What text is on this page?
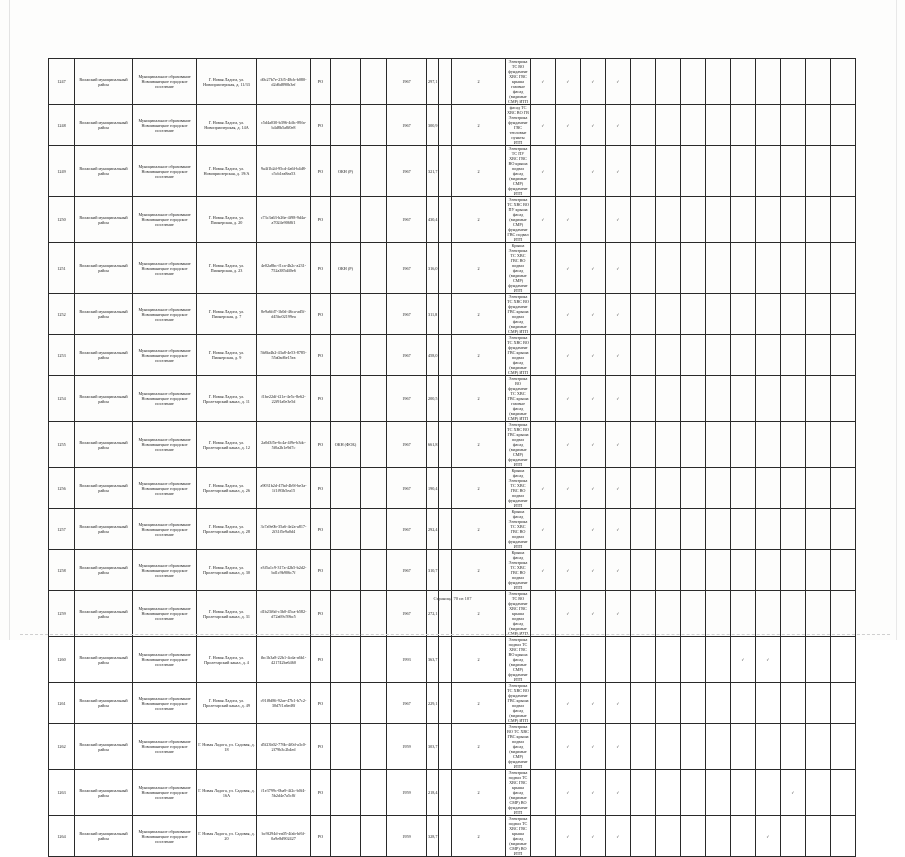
1247	Волжский муниципальный район	Муниципальное образование Новоиванецкое городское поселение	Г. Новая Ладога, ул. Новоприозерская, д. 11/33	d0c27b7e-23f5-48cb-b080-d2d6d890b3ef	РО			1967	297,1		2	Электрика ТС ВО фундамент ХВС ГВС крыша газовые фасад (видимые СМР) ИТП	✓	✓	✓	✓										
1248	Волжский муниципальный район	Муниципальное образование Новоиванецкое городское поселение	Г. Новая Ладога, ул. Новоприозерская, д. 14А	c5d4a030-b396-4dfc-89fa-b4d8b5a8f0e8	РО			1967	300,9		2	фасад ТС ХВС ВО ГВ Электрика фундамент ГВС тепловые пункты ИТП	✓	✓	✓	✓										
1249	Волжский муниципальный район	Муниципальное образование Новоиванецкое городское поселение	Г. Новая Ладога, ул. Новоприозерская, д. 19/А	9a4f1b2d-95cd-4a6f-b4d8-c5cb1ea8ea53	РО	ОКН (Р)		1967	321,7		2	Электрика ТС ПУ ХВС ГВС ВО крыша подвал фасад (видимые СМР) фундамент ИТП	✓		✓	✓										
1250	Волжский муниципальный район	Муниципальное образование Новоиванецкое городское поселение	Г. Новая Ладога, ул. Пионерская, д. 20	c73c3a63-b26e-4f98-9d4a-a7024e9068f1	РО			1967	430,4		2	Электрика ТС ХВС ВО ПУ крыша фасад (видимые СМР) фундамент ГВС подвал ИТП	✓	✓		✓										
1251	Волжский муниципальный район	Муниципальное образование Новоиванецкое городское поселение	Г. Новая Ладога, ул. Пионерская, д. 23	4e02a8bc-f1ca-4b2c-a231-752a385d40e6	РО	ОКН (Р)		1967	316,0		2	Крыша Электрика ТС ХВС ГВС ВО подвал фасад (видимые СМР) фундамент ИТП		✓	✓	✓										
1252	Волжский муниципальный район	Муниципальное образование Новоиванецкое городское поселение	Г. Новая Ладога, ул. Пионерская, д. 7	8e9a6fd7-1b0d-46ca-ad5f-d45bc02199ea	РО			1967	311,8		2	Электрика ТС ХВС ВО фундамент ГВС крыша подвал фасад (видимые СМР) ИТП		✓	✓	✓										
1253	Волжский муниципальный район	Муниципальное образование Новоиванецкое городское поселение	Г. Новая Ладога, ул. Пионерская, д. 9	5b8fa4b2-43a8-4e53-8785-55a0ad6e15ea	РО			1967	458,0		2	Электрика ТС ХВС ВО фундамент ГВС крыша подвал фасад (видимые СМР) ИТП		✓	✓	✓										
1254	Волжский муниципальный район	Муниципальное образование Новоиванецкое городское поселение	Г. Новая Ладога, ул. Пролетарский канал, д. 11	f1be22df-f21e-4e5c-8e62-22f91a0e3e5d	РО			1967	200,5		2	Электрика ВО фундамент ТС ХВС ГВС крыша газовые фасад (видимые СМР) ИТП		✓	✓	✓										
1255	Волжский муниципальный район	Муниципальное образование Новоиванецкое городское поселение	Г. Новая Ладога, ул. Пролетарский канал, д. 12	2a0d3f5e-6c4a-4f9e-b3dc-5f0a2b1e9d7c	РО	ОКН (ФОБ)		1967	661,8		2	Электрика ТС ХВС ВО ГВС крыша подвал фасад (видимые СМР) фундамент ИТП		✓	✓	✓										
1256	Волжский муниципальный район	Муниципальное образование Новоиванецкое городское поселение	Г. Новая Ладога, ул. Пролетарский канал, д. 26	a9031b2d-47bd-4b9f-be3a-1f1f93b5ea15	РО			1967	190,4		2	Крыша фасад Электрика ТС ХВС ГВС ВО подвал фундамент ИТП	✓	✓	✓	✓										
1257	Волжский муниципальный район	Муниципальное образование Новоиванецкое городское поселение	Г. Новая Ладога, ул. Пролетарский канал, д. 28	3c7a9e0b-35a6-4e2a-a817-2f31f5e9a0d4	РО			1967	292,4		2	Крыша фасад Электрика ТС ХВС ГВС ВО подвал фундамент ИТП	✓		✓	✓										
1258	Волжский муниципальный район	Муниципальное образование Новоиванецкое городское поселение	Г. Новая Ладога, ул. Пролетарский канал, д. 30	e3f5a1c9-317a-42b5-b2d2-bd1c9b906c7f	РО			1967	310,7		2	Крыша фасад Электрика ТС ХВС ГВС ВО подвал фундамент ИТП	✓	✓	✓	✓										
1259	Волжский муниципальный район	Муниципальное образование Новоиванецкое городское поселение	Г. Новая Ладога, ул. Пролетарский канал, д. 31	d1b23f6d-c3b0-45ca-b582-d72a69c59bc5	РО			1967	272,1		2	Электрика ТС ВО фундамент ХВС ГВС крыша подвал фасад (видимые СМР) ИТП		✓	✓	✓										
1260	Волжский муниципальный район	Муниципальное образование Новоиванецкое городское поселение	Г. Новая Ладога, ул. Пролетарский канал, д. 4	fbc1b3a8-22b1-4cda-a6b1-421742be6460	РО			1993	363,7		2	Электрика подвал ТС ХВС ГВС ВО крыша фасад (видимые СМР) фундамент ИТП									✓	✓				
1261	Волжский муниципальный район	Муниципальное образование Новоиванецкое городское поселение	Г. Новая Ладога, ул. Пролетарский канал, д. 49	c91f8d86-92ae-47b1-b7c2-30d7f1a6ed8f	РО			1967	229,1		2	Электрика ТС ХВС ВО фундамент ГВС крыша подвал фасад (видимые СМР) ИТП		✓	✓	✓										
1262	Волжский муниципальный район	Муниципальное образование Новоиванецкое городское поселение	Г. Новая Ладога, ул. Садовая, д. 18	d5f23b02-776b-4f0d-a3c0-2f79b3c2b4ed	РО			1959	303,7		2	Электрика ВО ТС ХВС ГВС крыша подвал фасад (видимые СМР) фундамент ИТП		✓	✓	✓										
1263	Волжский муниципальный район	Муниципальное образование Новоиванецкое городское поселение	Г. Новая Ладога, ул. Садовая, д. 16А	f1e3799c-0ba9-4f2c-b0f4-5b2d4e7a5c8f	РО			1959	218,4		2	Электрика подвал ТС ХВС ГВС крыша фасад (видимые СМР) ВО фундамент ИТП		✓	✓	✓							✓			
1264	Волжский муниципальный район	Муниципальное образование Новоиванецкое городское поселение	Г. Новая Ладога, ул. Садовая, д. 20	bc9f294d-ea05-4fab-bf6f-0a9e8d902427	РО			1959	328,7		2	Электрика подвал ТС ХВС ГВС крыша фасад (видимые СМР) ВО ИТП		✓	✓	✓						✓				
Страница 70 из 107
